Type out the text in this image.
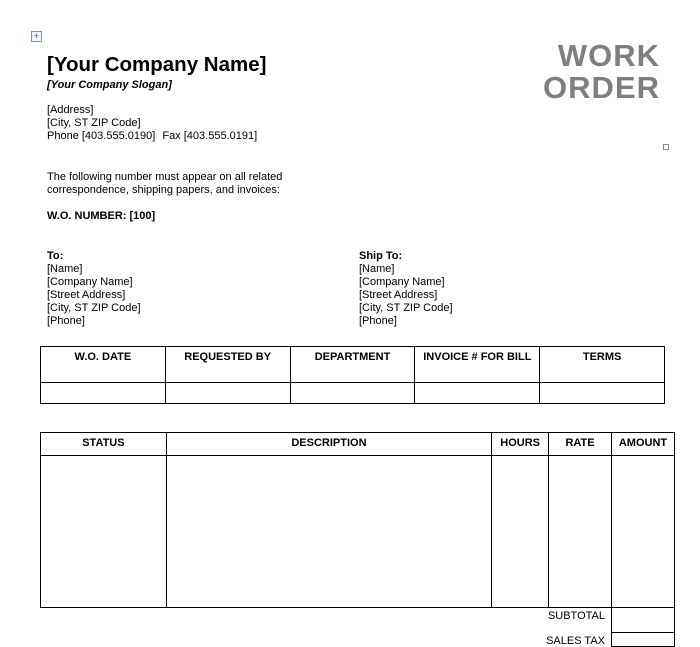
+
[Your Company Name]
[Your Company Slogan]
WORK
ORDER
[Address]
[City, ST ZIP Code]
Phone [403.555.0190] Fax [403.555.0191]
The following number must appear on all related
correspondence, shipping papers, and invoices:
W.O. NUMBER: [100]
To:
[Name]
[Company Name]
[Street Address]
[City, ST ZIP Code]
[Phone]
Ship To:
[Name]
[Company Name]
[Street Address]
[City, ST ZIP Code]
[Phone]
W.O. DATE	REQUESTED BY	DEPARTMENT	INVOICE # FOR BILL	TERMS

STATUS	DESCRIPTION	HOURS	RATE	AMOUNT

SUBTOTAL				
SALES TAX				
